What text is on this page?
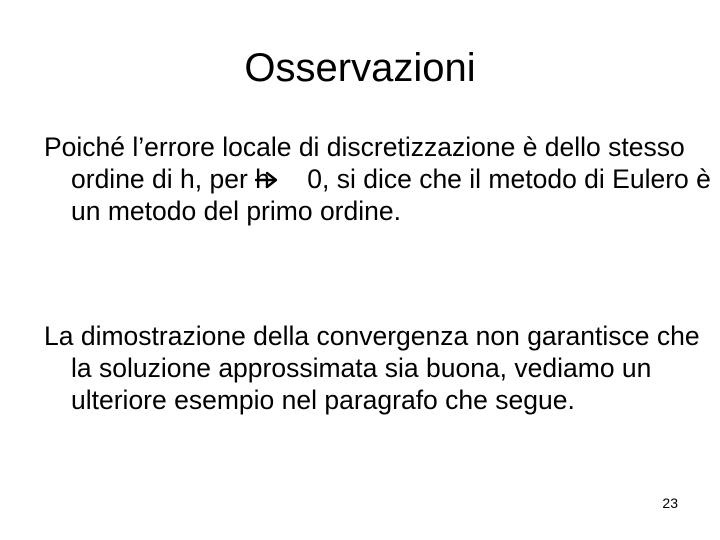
Osservazioni

Poiché l’errore locale di discretizzazione è dello stesso ordine di h, per h 0, si dice che il metodo di Eulero è un metodo del primo ordine.

La dimostrazione della convergenza non garantisce che la soluzione approssimata sia buona, vediamo un ulteriore esempio nel paragrafo che segue.

23
